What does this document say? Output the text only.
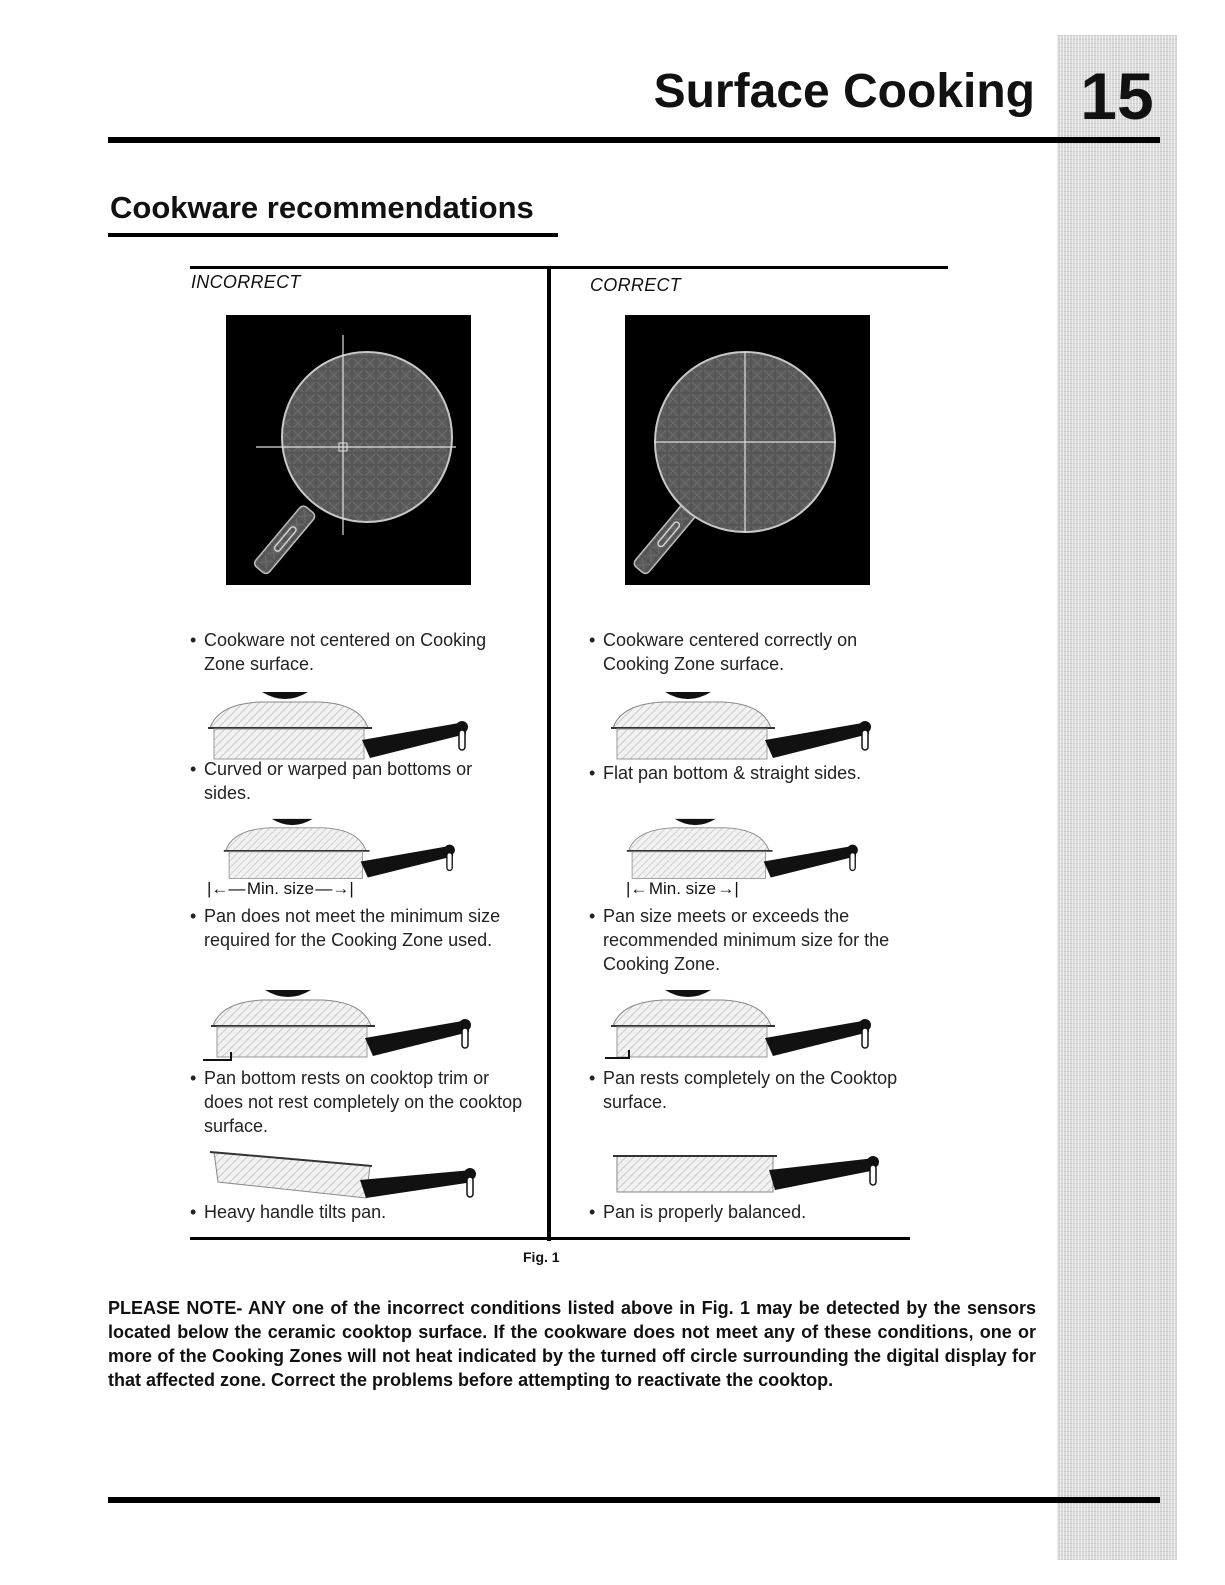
15

Surface Cooking
Cookware recommendations

INCORRECT	CORRECT

• Cookware not centered on Cooking Zone surface.

• Curved or warped pan bottoms or sides.

|←— Min. size —→|

• Pan does not meet the minimum size required for the Cooking Zone used.

• Pan bottom rests on cooktop trim or does not rest completely on the cooktop surface.

• Heavy handle tilts pan.

• Cookware centered correctly on Cooking Zone surface.

• Flat pan bottom & straight sides.

|← Min. size →|

• Pan size meets or exceeds the recommended minimum size for the Cooking Zone.

• Pan rests completely on the Cooktop surface.

• Pan is properly balanced.

Fig. 1

PLEASE NOTE- ANY one of the incorrect conditions listed above in Fig. 1 may be detected by the sensors located below the ceramic cooktop surface. If the cookware does not meet any of these conditions, one or more of the Cooking Zones will not heat indicated by the turned off circle surrounding the digital display for that affected zone. Correct the problems before attempting to reactivate the cooktop.
